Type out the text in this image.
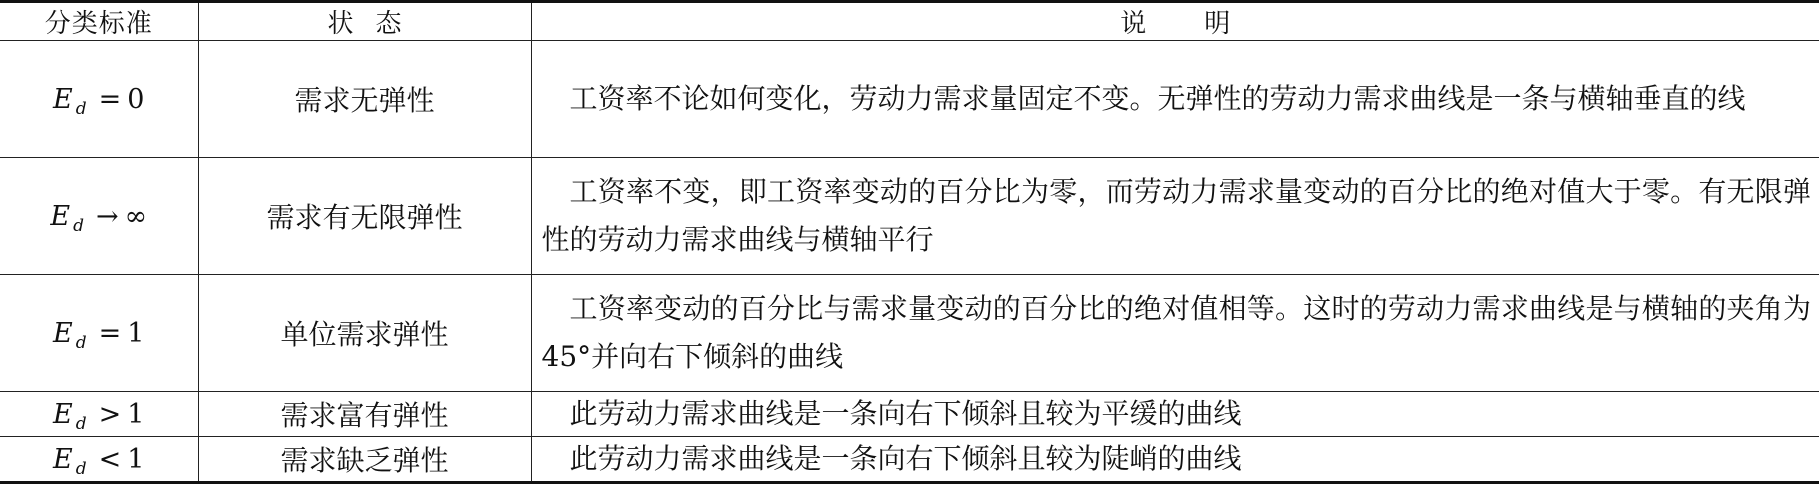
分类标准	状态	说明
E $_d$ = 0	需求无弹性	工资率不论如何变化，劳动力需求量固定不变。无弹性的劳动力需求曲线是一条与横轴垂直的线
E $_d$ → ∞	需求有无限弹性	工资率不变，即工资率变动的百分比为零，而劳动力需求量变动的百分比的绝对值大于零。有无限弹性的劳动力需求曲线与横轴平行
E $_d$ = 1	单位需求弹性	工资率变动的百分比与需求量变动的百分比的绝对值相等。这时的劳动力需求曲线是与横轴的夹角为45°并向右下倾斜的曲线
E $_d$ > 1	需求富有弹性	此劳动力需求曲线是一条向右下倾斜且较为平缓的曲线
E $_d$ < 1	需求缺乏弹性	此劳动力需求曲线是一条向右下倾斜且较为陡峭的曲线
